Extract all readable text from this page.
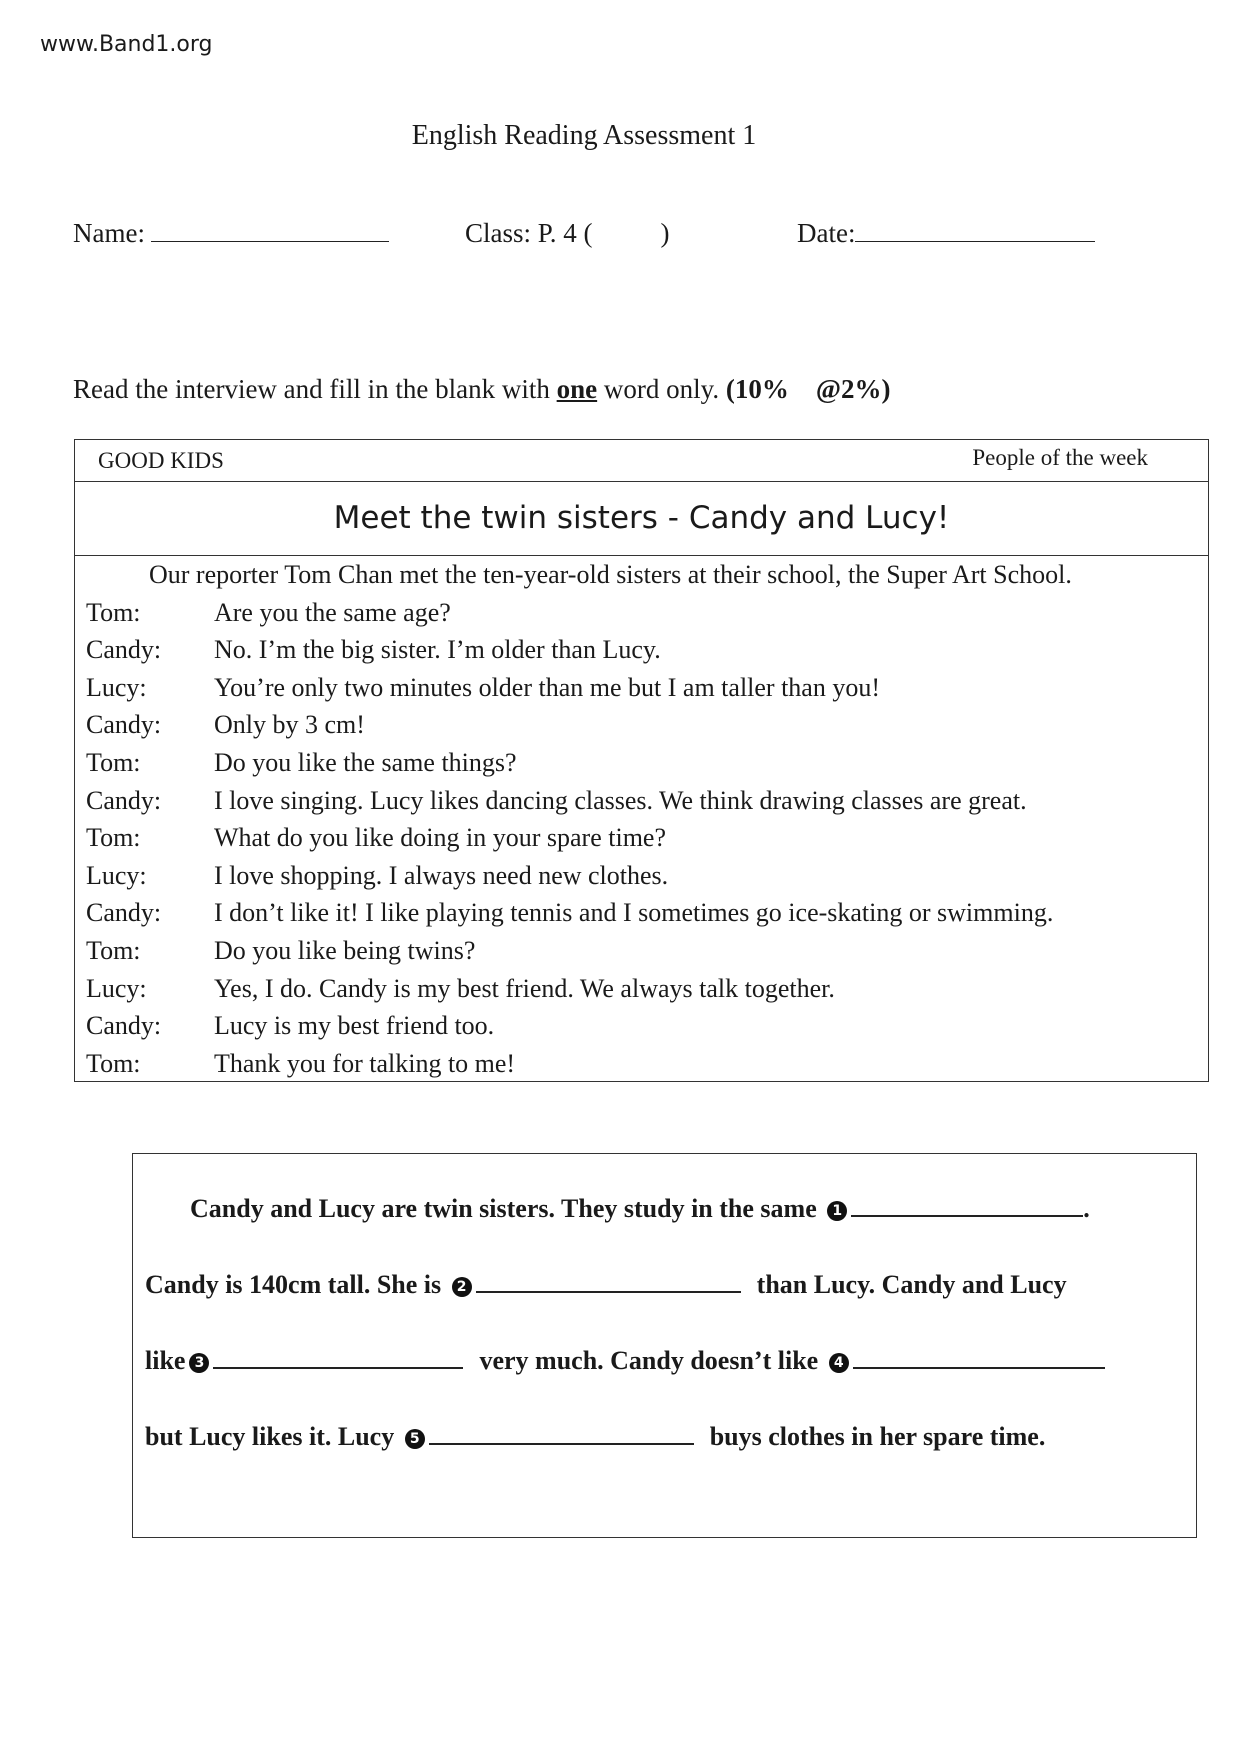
www.Band1.org
English Reading Assessment 1
Name:	Class: P. 4 (	)	Date:
Read the interview and fill in the blank with one word only. (10%    @2%)
GOOD KIDS	People of the week
Meet the twin sisters - Candy and Lucy!
Our reporter Tom Chan met the ten-year-old sisters at their school, the Super Art School.
Tom:	Are you the same age?
Candy:	No. I’m the big sister. I’m older than Lucy.
Lucy:	You’re only two minutes older than me but I am taller than you!
Candy:	Only by 3 cm!
Tom:	Do you like the same things?
Candy:	I love singing. Lucy likes dancing classes. We think drawing classes are great.
Tom:	What do you like doing in your spare time?
Lucy:	I love shopping. I always need new clothes.
Candy:	I don’t like it! I like playing tennis and I sometimes go ice-skating or swimming.
Tom:	Do you like being twins?
Lucy:	Yes, I do. Candy is my best friend. We always talk together.
Candy:	Lucy is my best friend too.
Tom:	Thank you for talking to me!
Candy and Lucy are twin sisters. They study in the same 1	.
Candy is 140cm tall. She is 2	than Lucy. Candy and Lucy
like 3	very much. Candy doesn’t like 4
but Lucy likes it. Lucy 5	buys clothes in her spare time.
